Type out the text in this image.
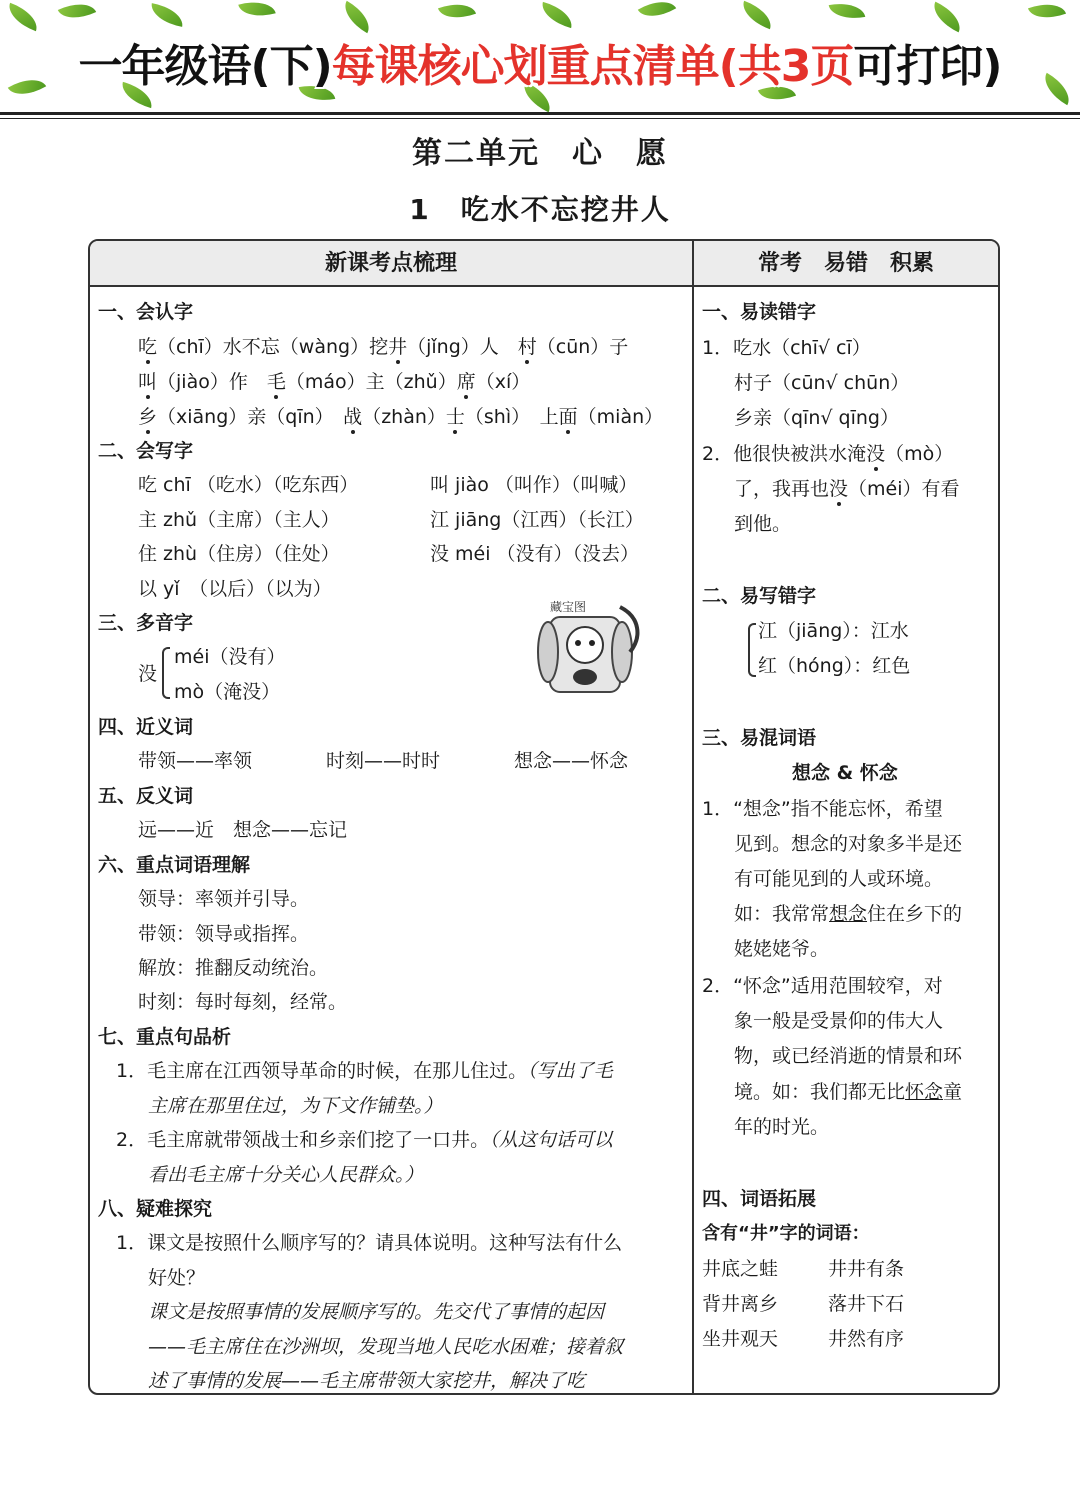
一年级语(下)每课核心划重点清单(共3页可打印)
第二单元　心　愿
1　吃水不忘挖井人
新课考点梳理	常考　易错　积累
一、会认字
吃（chī）水不忘（wàng）挖井（jǐng）人　村（cūn）子
叫（jiào）作　毛（máo）主（zhǔ）席（xí）
乡（xiāng）亲（qīn）　战（zhàn）士（shì）　上面（miàn）
二、会写字
吃 chī （吃水）（吃东西）	叫 jiào （叫作）（叫喊）
主 zhǔ（主席）（主人）	江 jiāng（江西）（长江）
住 zhù（住房）（住处）	没 méi （没有）（没去）
以 yǐ　（以后）（以为）
三、多音字
没
méi（没有）
mò（淹没）
藏宝图
四、近义词
带领——率领	时刻——时时	想念——怀念
五、反义词
远——近　想念——忘记
六、重点词语理解
领导：率领并引导。
带领：领导或指挥。
解放：推翻反动统治。
时刻：每时每刻，经常。
七、重点句品析
1．毛主席在江西领导革命的时候，在那儿住过。（写出了毛
主席在那里住过，为下文作铺垫。）
2．毛主席就带领战士和乡亲们挖了一口井。（从这句话可以
看出毛主席十分关心人民群众。）
八、疑难探究
1．课文是按照什么顺序写的？请具体说明。这种写法有什么
好处？
课文是按照事情的发展顺序写的。先交代了事情的起因
——毛主席住在沙洲坝，发现当地人民吃水困难；接着叙
述了事情的发展——毛主席带领大家挖井，解决了吃
一、易读错字
1．吃水（chī√ cī）
村子（cūn√ chūn）
乡亲（qīn√ qīng）
2．他很快被洪水淹没（mò）
了，我再也没（méi）有看
到他。
二、易写错字
江（jiāng）：江水
红（hóng）：红色
三、易混词语
想念 & 怀念
1．“想念”指不能忘怀，希望
见到。想念的对象多半是还
有可能见到的人或环境。
如：我常常想念住在乡下的
姥姥姥爷。
2．“怀念”适用范围较窄，对
象一般是受景仰的伟大人
物，或已经消逝的情景和环
境。如：我们都无比怀念童
年的时光。
四、词语拓展
含有“井”字的词语：
井底之蛙	井井有条
背井离乡	落井下石
坐井观天	井然有序
